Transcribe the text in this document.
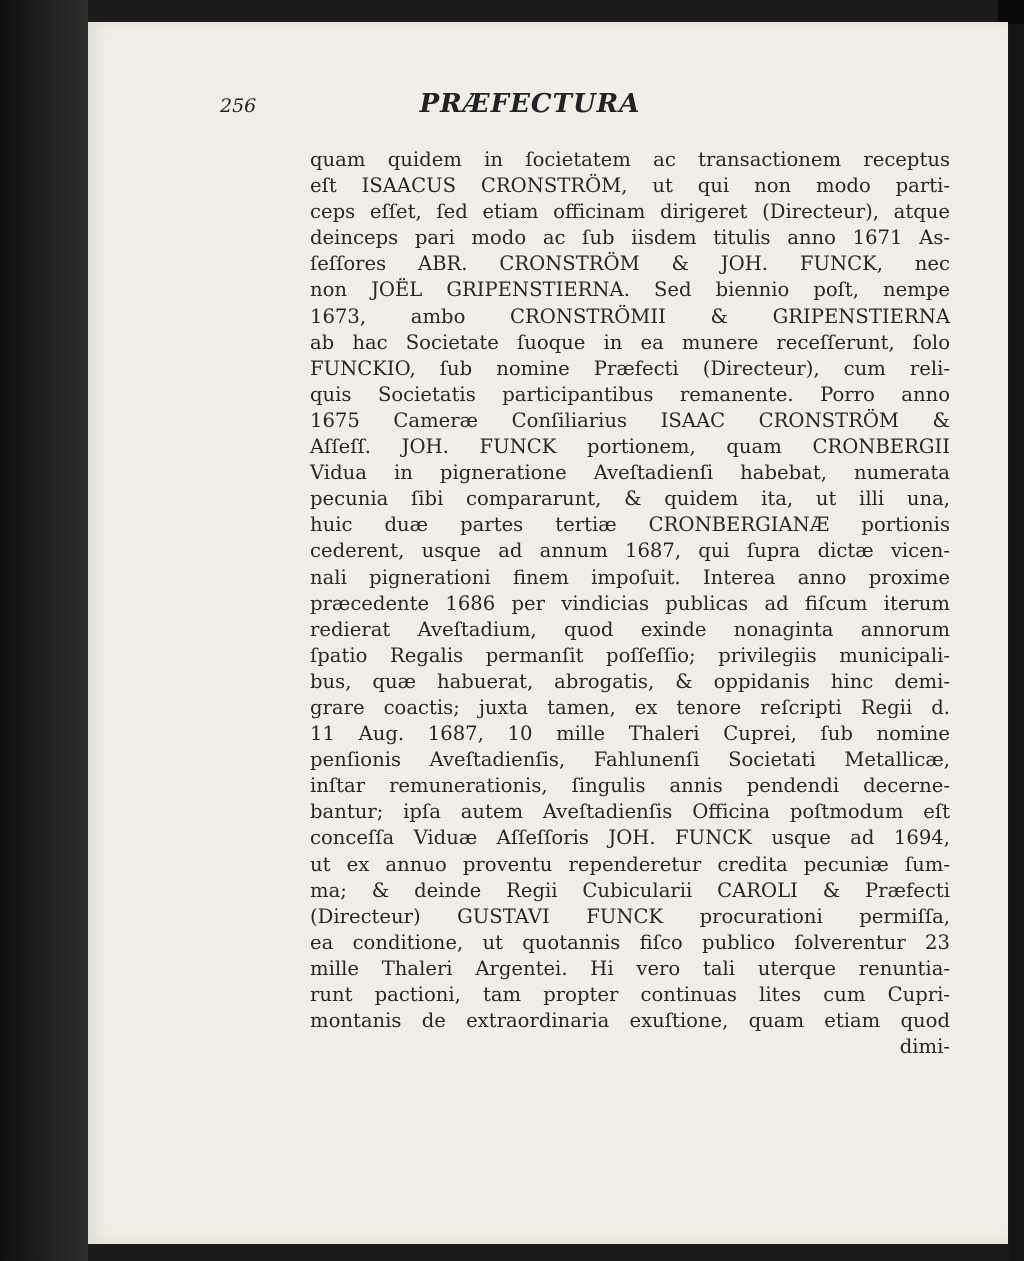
256	PRÆFECTURA
quam quidem in ſocietatem ac transactionem receptus
eſt ISAACUS CRONSTRÖM, ut qui non modo parti-
ceps eſſet, ſed etiam officinam dirigeret (Directeur), atque
deinceps pari modo ac ſub iisdem titulis anno 1671 As-
ſeſſores ABR. CRONSTRÖM & JOH. FUNCK, nec
non JOËL GRIPENSTIERNA. Sed biennio poſt, nempe
1673, ambo CRONSTRÖMII & GRIPENSTIERNA
ab hac Societate ſuoque in ea munere receſſerunt, ſolo
FUNCKIO, ſub nomine Præfecti (Directeur), cum reli-
quis Societatis participantibus remanente. Porro anno
1675 Cameræ Conſiliarius ISAAC CRONSTRÖM &
Aſſeſſ. JOH. FUNCK portionem, quam CRONBERGII
Vidua in pigneratione Aveſtadienſi habebat, numerata
pecunia ſibi compararunt, & quidem ita, ut illi una,
huic duæ partes tertiæ CRONBERGIANÆ portionis
cederent, usque ad annum 1687, qui ſupra dictæ vicen-
nali pignerationi finem impoſuit. Interea anno proxime
præcedente 1686 per vindicias publicas ad fiſcum iterum
redierat Aveſtadium, quod exinde nonaginta annorum
ſpatio Regalis permanſit poſſeſſio; privilegiis municipali-
bus, quæ habuerat, abrogatis, & oppidanis hinc demi-
grare coactis; juxta tamen, ex tenore reſcripti Regii d.
11 Aug. 1687, 10 mille Thaleri Cuprei, ſub nomine
penſionis Aveſtadienſis, Fahlunenſi Societati Metallicæ,
inſtar remunerationis, ſingulis annis pendendi decerne-
bantur; ipſa autem Aveſtadienſis Officina poſtmodum eſt
conceſſa Viduæ Aſſeſſoris JOH. FUNCK usque ad 1694,
ut ex annuo proventu rependeretur credita pecuniæ ſum-
ma; & deinde Regii Cubicularii CAROLI & Præfecti
(Directeur) GUSTAVI FUNCK procurationi permiſſa,
ea conditione, ut quotannis fiſco publico ſolverentur 23
mille Thaleri Argentei. Hi vero tali uterque renuntia-
runt pactioni, tam propter continuas lites cum Cupri-
montanis de extraordinaria exuſtione, quam etiam quod
dimi-
